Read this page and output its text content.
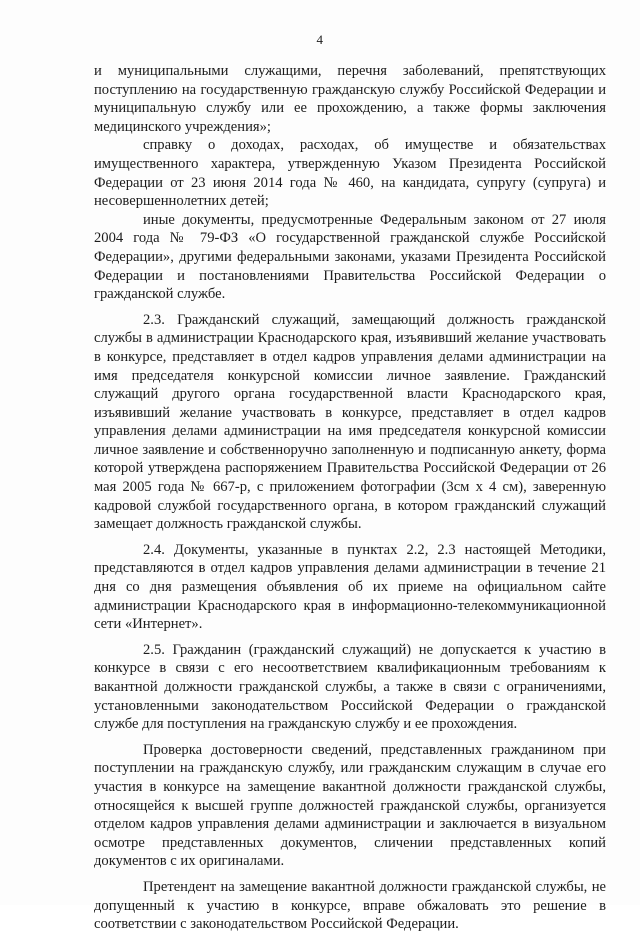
4

и муниципальными служащими, перечня заболеваний, препятствующих поступлению на государственную гражданскую службу Российской Федерации и муниципальную службу или ее прохождению, а также формы заключения медицинского учреждения»;

справку о доходах, расходах, об имуществе и обязательствах имущественного характера, утвержденную Указом Президента Российской Федерации от 23 июня 2014 года № 460, на кандидата, супругу (супруга) и несовершеннолетних детей;

иные документы, предусмотренные Федеральным законом от 27 июля 2004 года № 79-ФЗ «О государственной гражданской службе Российской Федерации», другими федеральными законами, указами Президента Российской Федерации и постановлениями Правительства Российской Федерации о гражданской службе.

2.3. Гражданский служащий, замещающий должность гражданской службы в администрации Краснодарского края, изъявивший желание участвовать в конкурсе, представляет в отдел кадров управления делами администрации на имя председателя конкурсной комиссии личное заявление. Гражданский служащий другого органа государственной власти Краснодарского края, изъявивший желание участвовать в конкурсе, представляет в отдел кадров управления делами администрации на имя председателя конкурсной комиссии личное заявление и собственноручно заполненную и подписанную анкету, форма которой утверждена распоряжением Правительства Российской Федерации от 26 мая 2005 года № 667-р, с приложением фотографии (3см х 4 см), заверенную кадровой службой государственного органа, в котором гражданский служащий замещает должность гражданской службы.

2.4. Документы, указанные в пунктах 2.2, 2.3 настоящей Методики, представляются в отдел кадров управления делами администрации в течение 21 дня со дня размещения объявления об их приеме на официальном сайте администрации Краснодарского края в информационно-телекоммуникационной сети «Интернет».

2.5. Гражданин (гражданский служащий) не допускается к участию в конкурсе в связи с его несоответствием квалификационным требованиям к вакантной должности гражданской службы, а также в связи с ограничениями, установленными законодательством Российской Федерации о гражданской службе для поступления на гражданскую службу и ее прохождения.

Проверка достоверности сведений, представленных гражданином при поступлении на гражданскую службу, или гражданским служащим в случае его участия в конкурсе на замещение вакантной должности гражданской службы, относящейся к высшей группе должностей гражданской службы, организуется отделом кадров управления делами администрации и заключается в визуальном осмотре представленных документов, сличении представленных копий документов с их оригиналами.

Претендент на замещение вакантной должности гражданской службы, не допущенный к участию в конкурсе, вправе обжаловать это решение в соответствии с законодательством Российской Федерации.
